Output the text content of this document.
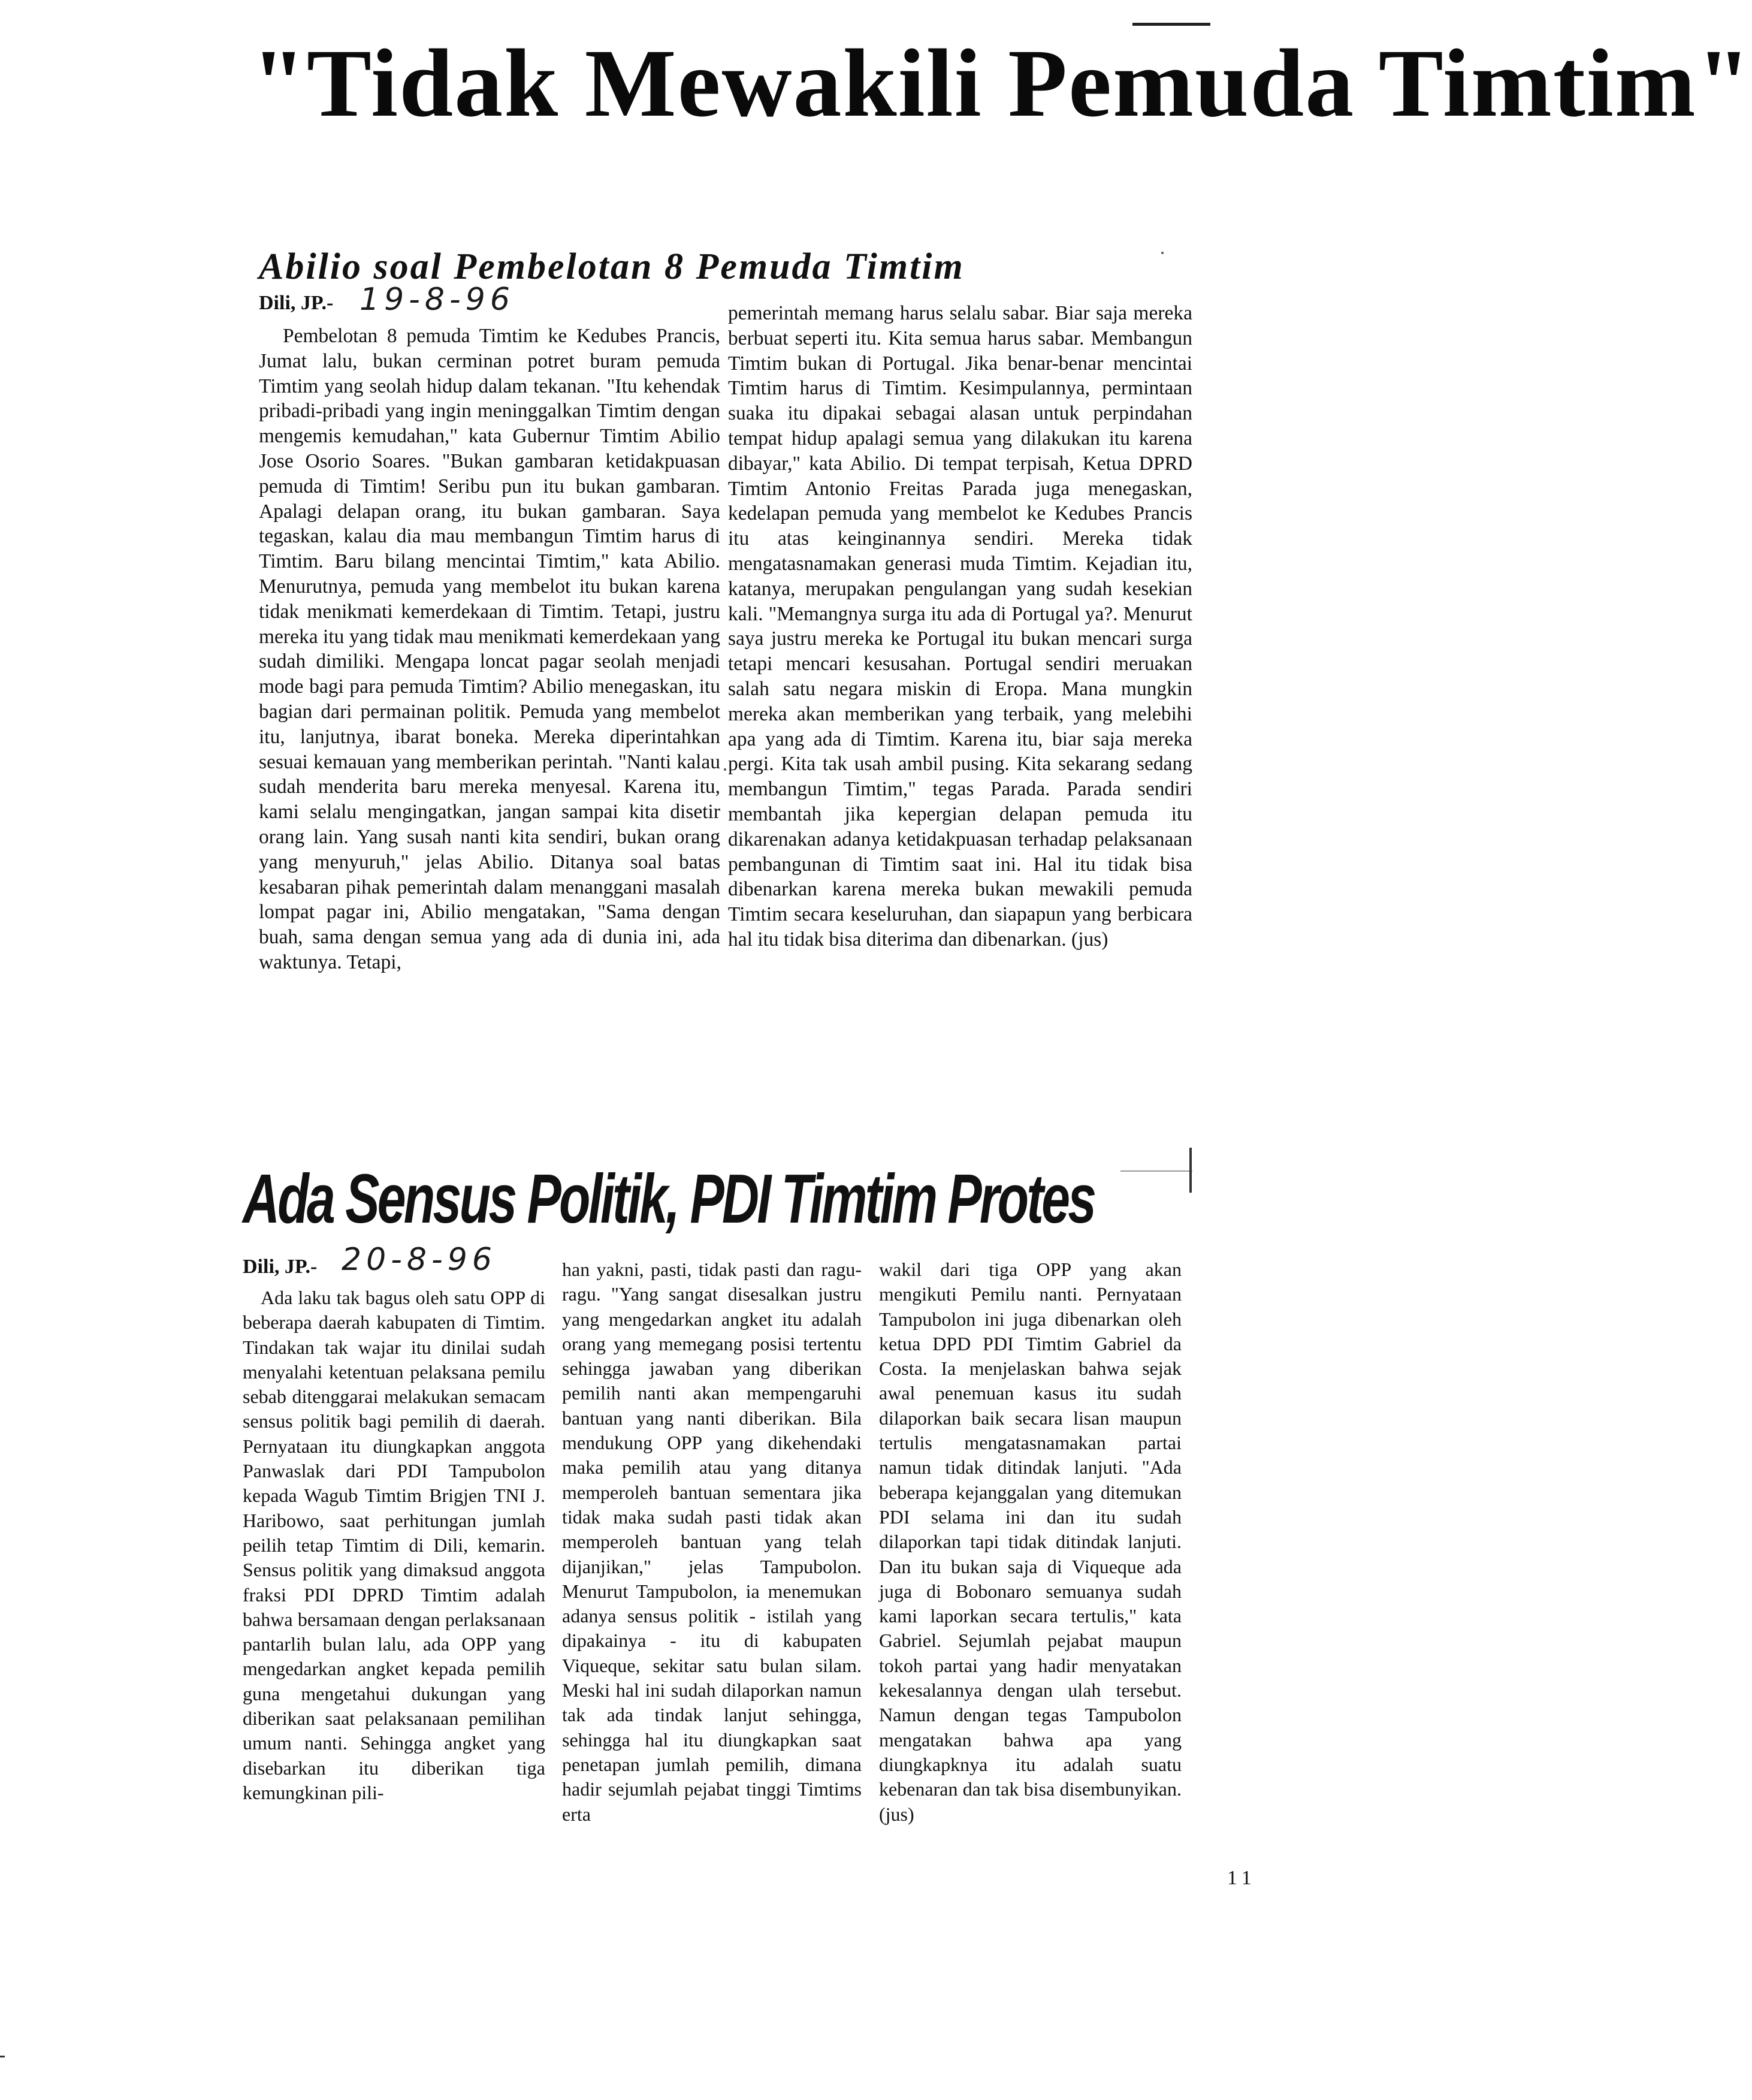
"Tidak Mewakili Pemuda Timtim"
Abilio soal Pembelotan 8 Pemuda Timtim
Dili, JP.- 19-8-96
Pembelotan 8 pemuda Timtim ke Kedubes Prancis, Jumat lalu, bukan cerminan potret buram pemuda Timtim yang seolah hidup dalam tekanan. "Itu kehendak pribadi-pribadi yang ingin meninggalkan Timtim dengan mengemis kemudahan," kata Gubernur Timtim Abilio Jose Osorio Soares. "Bukan gambaran ketidakpuasan pemuda di Timtim! Seribu pun itu bukan gambaran. Apalagi delapan orang, itu bukan gambaran. Saya tegaskan, kalau dia mau membangun Timtim harus di Timtim. Baru bilang mencintai Timtim," kata Abilio. Menurutnya, pemuda yang membelot itu bukan karena tidak menikmati kemerdekaan di Timtim. Tetapi, justru mereka itu yang tidak mau menikmati kemerdekaan yang sudah dimiliki. Mengapa loncat pagar seolah menjadi mode bagi para pemuda Timtim? Abilio menegaskan, itu bagian dari permainan politik. Pemuda yang membelot itu, lanjutnya, ibarat boneka. Mereka diperintahkan sesuai kemauan yang memberikan perintah. "Nanti kalau sudah menderita baru mereka menyesal. Karena itu, kami selalu mengingatkan, jangan sampai kita disetir orang lain. Yang susah nanti kita sendiri, bukan orang yang menyuruh," jelas Abilio. Ditanya soal batas kesabaran pihak pemerintah dalam menanggani masalah lompat pagar ini, Abilio mengatakan, "Sama dengan buah, sama dengan semua yang ada di dunia ini, ada waktunya. Tetapi,
pemerintah memang harus selalu sabar. Biar saja mereka berbuat seperti itu. Kita semua harus sabar. Membangun Timtim bukan di Portugal. Jika benar-benar mencintai Timtim harus di Timtim. Kesimpulannya, permintaan suaka itu dipakai sebagai alasan untuk perpindahan tempat hidup apalagi semua yang dilakukan itu karena dibayar," kata Abilio. Di tempat terpisah, Ketua DPRD Timtim Antonio Freitas Parada juga menegaskan, kedelapan pemuda yang membelot ke Kedubes Prancis itu atas keinginannya sendiri. Mereka tidak mengatasnamakan generasi muda Timtim. Kejadian itu, katanya, merupakan pengulangan yang sudah kesekian kali. "Memangnya surga itu ada di Portugal ya?. Menurut saya justru mereka ke Portugal itu bukan mencari surga tetapi mencari kesusahan. Portugal sendiri meruakan salah satu negara miskin di Eropa. Mana mungkin mereka akan memberikan yang terbaik, yang melebihi apa yang ada di Timtim. Karena itu, biar saja mereka pergi. Kita tak usah ambil pusing. Kita sekarang sedang membangun Timtim," tegas Parada. Parada sendiri membantah jika kepergian delapan pemuda itu dikarenakan adanya ketidakpuasan terhadap pelaksanaan pembangunan di Timtim saat ini. Hal itu tidak bisa dibenarkan karena mereka bukan mewakili pemuda Timtim secara keseluruhan, dan siapapun yang berbicara hal itu tidak bisa diterima dan dibenarkan. (jus)
Ada Sensus Politik, PDI Timtim Protes
Dili, JP.- 20-8-96
Ada laku tak bagus oleh satu OPP di beberapa daerah kabupaten di Timtim. Tindakan tak wajar itu dinilai sudah menyalahi ketentuan pelaksana pemilu sebab ditenggarai melakukan semacam sensus politik bagi pemilih di daerah. Pernyataan itu diungkapkan anggota Panwaslak dari PDI Tampubolon kepada Wagub Timtim Brigjen TNI J. Haribowo, saat perhitungan jumlah peilih tetap Timtim di Dili, kemarin. Sensus politik yang dimaksud anggota fraksi PDI DPRD Timtim adalah bahwa bersamaan dengan perlaksanaan pantarlih bulan lalu, ada OPP yang mengedarkan angket kepada pemilih guna mengetahui dukungan yang diberikan saat pelaksanaan pemilihan umum nanti. Sehingga angket yang disebarkan itu diberikan tiga kemungkinan pili-
han yakni, pasti, tidak pasti dan ragu-ragu. "Yang sangat disesalkan justru yang mengedarkan angket itu adalah orang yang memegang posisi tertentu sehingga jawaban yang diberikan pemilih nanti akan mempengaruhi bantuan yang nanti diberikan. Bila mendukung OPP yang dikehendaki maka pemilih atau yang ditanya memperoleh bantuan sementara jika tidak maka sudah pasti tidak akan memperoleh bantuan yang telah dijanjikan," jelas Tampubolon. Menurut Tampubolon, ia menemukan adanya sensus politik - istilah yang dipakainya - itu di kabupaten Viqueque, sekitar satu bulan silam. Meski hal ini sudah dilaporkan namun tak ada tindak lanjut sehingga, sehingga hal itu diungkapkan saat penetapan jumlah pemilih, dimana hadir sejumlah pejabat tinggi Timtims erta
wakil dari tiga OPP yang akan mengikuti Pemilu nanti. Pernyataan Tampubolon ini juga dibenarkan oleh ketua DPD PDI Timtim Gabriel da Costa. Ia menjelaskan bahwa sejak awal penemuan kasus itu sudah dilaporkan baik secara lisan maupun tertulis mengatasnamakan partai namun tidak ditindak lanjuti. "Ada beberapa kejanggalan yang ditemukan PDI selama ini dan itu sudah dilaporkan tapi tidak ditindak lanjuti. Dan itu bukan saja di Viqueque ada juga di Bobonaro semuanya sudah kami laporkan secara tertulis," kata Gabriel. Sejumlah pejabat maupun tokoh partai yang hadir menyatakan kekesalannya dengan ulah tersebut. Namun dengan tegas Tampubolon mengatakan bahwa apa yang diungkapknya itu adalah suatu kebenaran dan tak bisa disembunyikan. (jus)
11
